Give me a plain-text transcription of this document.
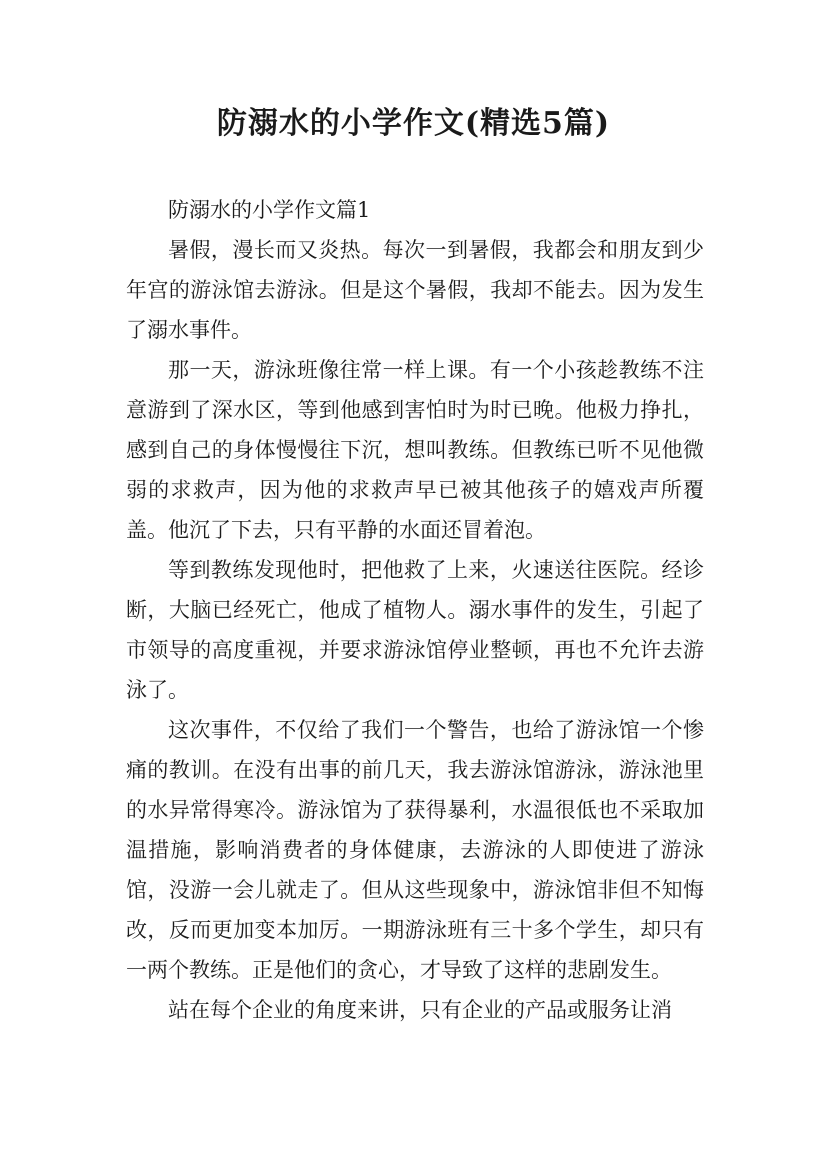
防溺水的小学作文(精选5篇)

防溺水的小学作文篇1

暑假，漫长而又炎热。每次一到暑假，我都会和朋友到少年宫的游泳馆去游泳。但是这个暑假，我却不能去。因为发生了溺水事件。

那一天，游泳班像往常一样上课。有一个小孩趁教练不注意游到了深水区，等到他感到害怕时为时已晚。他极力挣扎，感到自己的身体慢慢往下沉，想叫教练。但教练已听不见他微弱的求救声，因为他的求救声早已被其他孩子的嬉戏声所覆盖。他沉了下去，只有平静的水面还冒着泡。

等到教练发现他时，把他救了上来，火速送往医院。经诊断，大脑已经死亡，他成了植物人。溺水事件的发生，引起了市领导的高度重视，并要求游泳馆停业整顿，再也不允许去游泳了。

这次事件，不仅给了我们一个警告，也给了游泳馆一个惨痛的教训。在没有出事的前几天，我去游泳馆游泳，游泳池里的水异常得寒冷。游泳馆为了获得暴利，水温很低也不采取加温措施，影响消费者的身体健康，去游泳的人即使进了游泳馆，没游一会儿就走了。但从这些现象中，游泳馆非但不知悔改，反而更加变本加厉。一期游泳班有三十多个学生，却只有一两个教练。正是他们的贪心，才导致了这样的悲剧发生。

站在每个企业的角度来讲，只有企业的产品或服务让消
